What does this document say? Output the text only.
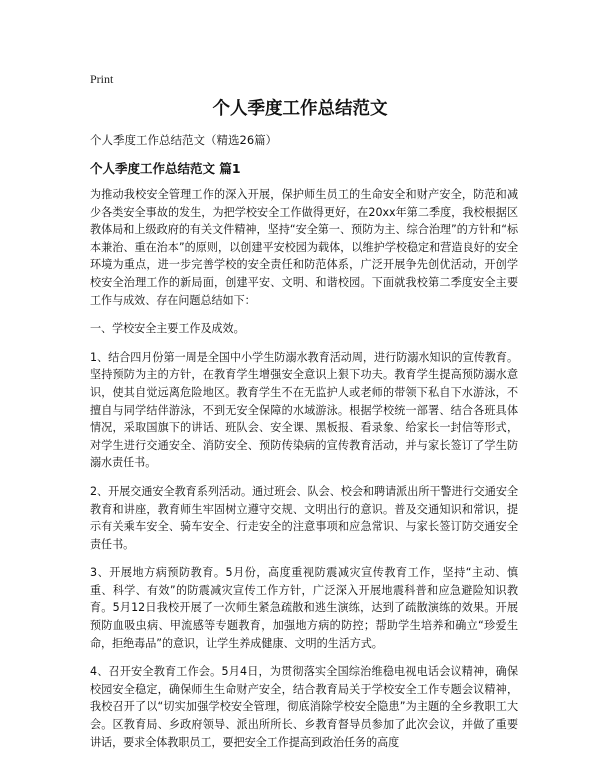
Print
个人季度工作总结范文
个人季度工作总结范文（精选26篇）
个人季度工作总结范文 篇1

为推动我校安全管理工作的深入开展，保护师生员工的生命安全和财产安全，防范和减少各类安全事故的发生，为把学校安全工作做得更好，在20xx年第二季度，我校根据区教体局和上级政府的有关文件精神，坚持“安全第一、预防为主、综合治理”的方针和“标本兼治、重在治本”的原则，以创建平安校园为载体，以维护学校稳定和营造良好的安全环境为重点，进一步完善学校的安全责任和防范体系，广泛开展争先创优活动，开创学校安全治理工作的新局面，创建平安、文明、和谐校园。下面就我校第二季度安全主要工作与成效、存在问题总结如下：

一、学校安全主要工作及成效。

1、结合四月份第一周是全国中小学生防溺水教育活动周，进行防溺水知识的宣传教育。坚持预防为主的方针，在教育学生增强安全意识上狠下功夫。教育学生提高预防溺水意识，使其自觉远离危险地区。教育学生不在无监护人或老师的带领下私自下水游泳，不擅自与同学结伴游泳，不到无安全保障的水域游泳。根据学校统一部署、结合各班具体情况，采取国旗下的讲话、班队会、安全课、黑板报、看录象、给家长一封信等形式，对学生进行交通安全、消防安全、预防传染病的宣传教育活动，并与家长签订了学生防溺水责任书。

2、开展交通安全教育系列活动。通过班会、队会、校会和聘请派出所干警进行交通安全教育和讲座，教育师生牢固树立遵守交规、文明出行的意识。普及交通知识和常识，提示有关乘车安全、骑车安全、行走安全的注意事项和应急常识、与家长签订防交通安全责任书。

3、开展地方病预防教育。5月份，高度重视防震减灾宣传教育工作，坚持“主动、慎重、科学、有效”的防震减灾宣传工作方针，广泛深入开展地震科普和应急避险知识教育。5月12日我校开展了一次师生紧急疏散和逃生演练，达到了疏散演练的效果。开展预防血吸虫病、甲流感等专题教育，加强地方病的防控；帮助学生培养和确立“珍爱生命，拒绝毒品”的意识，让学生养成健康、文明的生活方式。

4、召开安全教育工作会。5月4日，为贯彻落实全国综治维稳电视电话会议精神，确保校园安全稳定，确保师生生命财产安全，结合教育局关于学校安全工作专题会议精神，我校召开了以“切实加强学校安全管理，彻底消除学校安全隐患”为主题的全乡教职工大会。区教育局、乡政府领导、派出所所长、乡教育督导员参加了此次会议，并做了重要讲话，要求全体教职员工，要把安全工作提高到政治任务的高度
